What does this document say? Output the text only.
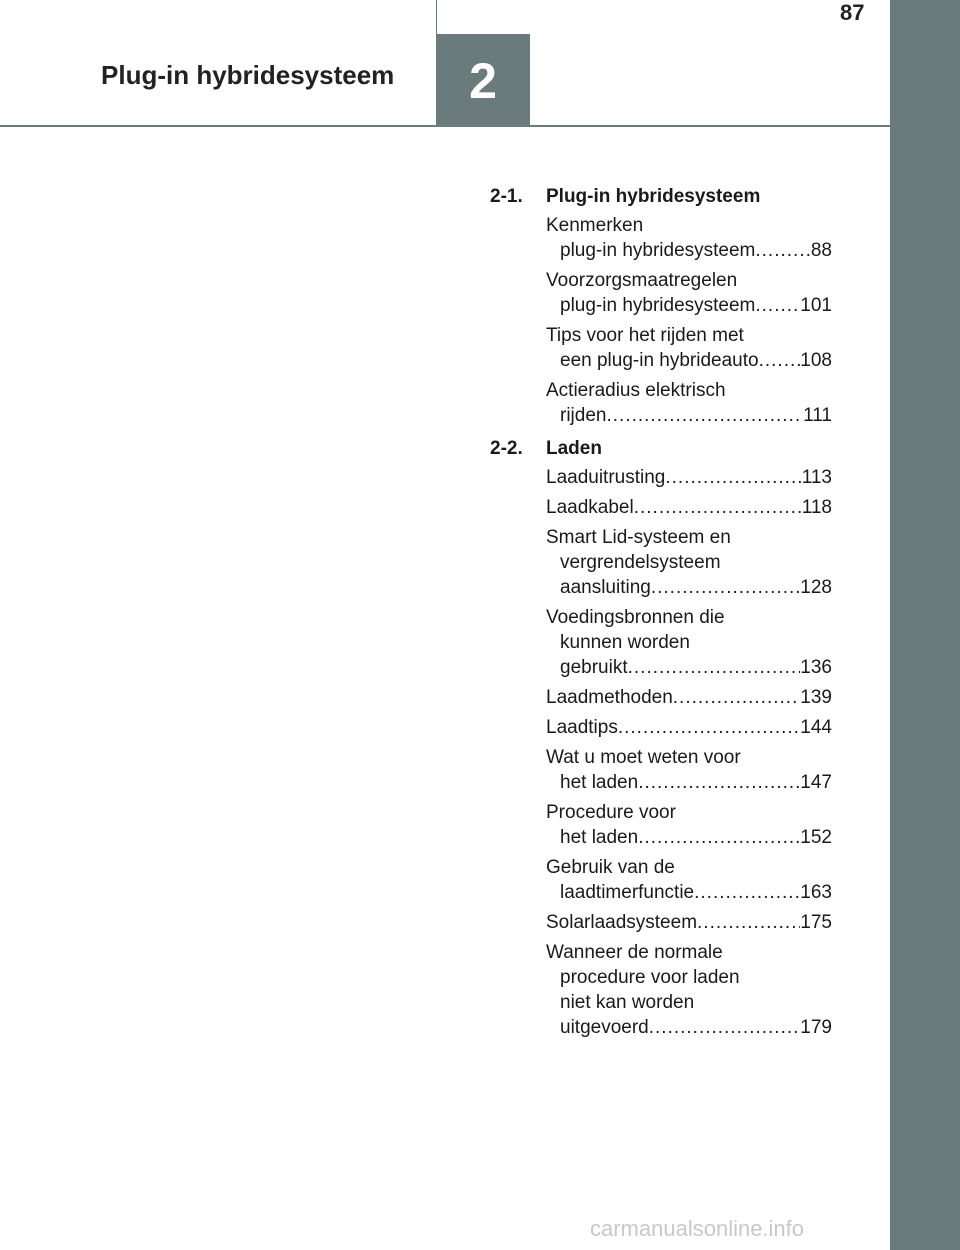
2
Plug-in hybridesysteem
87
2-1.	Plug-in hybridesysteem
Kenmerken
plug-in hybridesysteem .....	88
Voorzorgsmaatregelen
plug-in hybridesysteem ..... 101
Tips voor het rijden met
een plug-in hybrideauto ..... 108
Actieradius elektrisch
rijden .....	111
2-2.	Laden
Laaduitrusting .....	113
Laadkabel .....	118
Smart Lid-systeem en
vergrendelsysteem
aansluiting .....	128
Voedingsbronnen die
kunnen worden
gebruikt .....	136
Laadmethoden .....	139
Laadtips .....	144
Wat u moet weten voor
het laden .....	147
Procedure voor
het laden .....	152
Gebruik van de
laadtimerfunctie .....	163
Solarlaadsysteem .....	175
Wanneer de normale
procedure voor laden
niet kan worden
uitgevoerd .....	179
carmanualsonline.info
